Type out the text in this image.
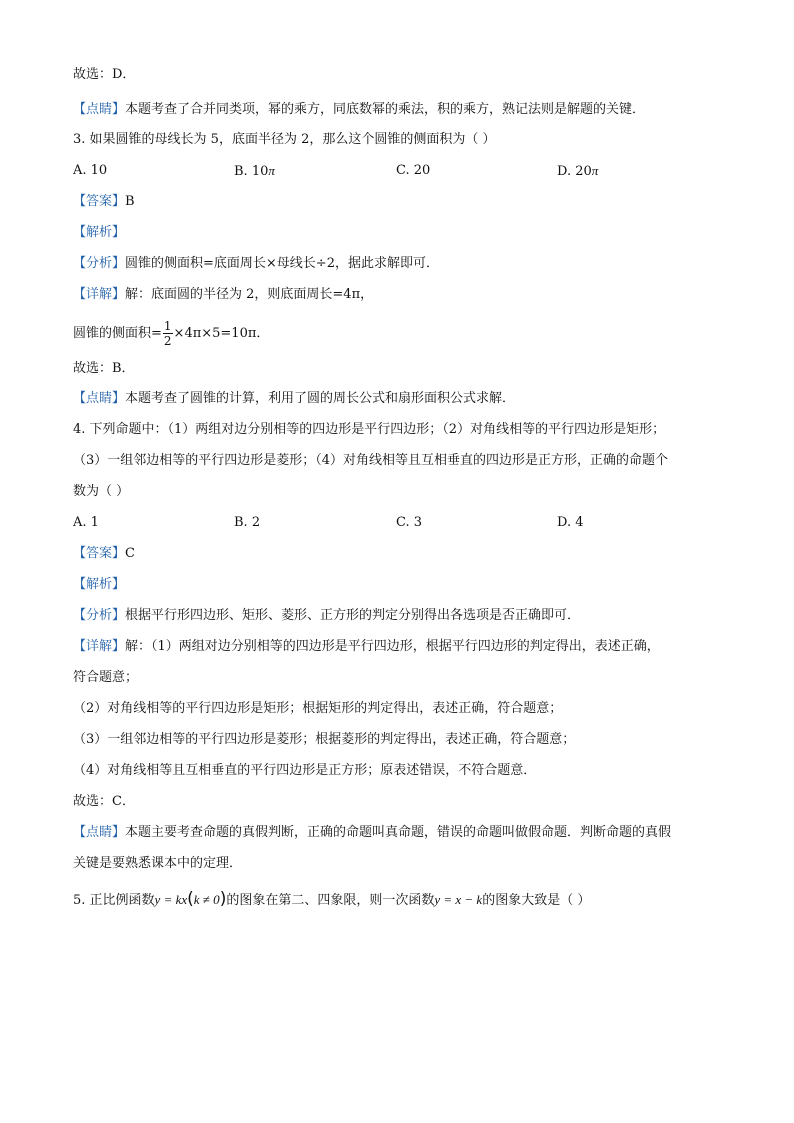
故选：D．
【点睛】本题考查了合并同类项，幂的乘方，同底数幂的乘法，积的乘方，熟记法则是解题的关键．
3. 如果圆锥的母线长为 5，底面半径为 2，那么这个圆锥的侧面积为（ ）
A. 10	B. 10π	C. 20	D. 20π
【答案】B
【解析】
【分析】圆锥的侧面积=底面周长×母线长÷2，据此求解即可．
【详解】解：底面圆的半径为 2，则底面周长=4π，
圆锥的侧面积= $\frac{1}{2} \times 4\pi\times 5=10\pi$．
故选：B．
【点睛】本题考查了圆锥的计算，利用了圆的周长公式和扇形面积公式求解．
4. 下列命题中：（1）两组对边分别相等的四边形是平行四边形；（2）对角线相等的平行四边形是矩形；
（3）一组邻边相等的平行四边形是菱形；（4）对角线相等且互相垂直的四边形是正方形，正确的命题个
数为（ ）
A. 1	B. 2	C. 3	D. 4
【答案】C
【解析】
【分析】根据平行形四边形、矩形、菱形、正方形的判定分别得出各选项是否正确即可．
【详解】解：（1）两组对边分别相等的四边形是平行四边形，根据平行四边形的判定得出，表述正确，
符合题意；
（2）对角线相等的平行四边形是矩形；根据矩形的判定得出，表述正确，符合题意；
（3）一组邻边相等的平行四边形是菱形；根据菱形的判定得出，表述正确，符合题意；
（4）对角线相等且互相垂直的平行四边形是正方形；原表述错误，不符合题意．
故选：C．
【点睛】本题主要考查命题的真假判断，正确的命题叫真命题，错误的命题叫做假命题．判断命题的真假
关键是要熟悉课本中的定理．
5. 正比例函数y = kx(k ≠ 0)的图象在第二、四象限，则一次函数y = x − k的图象大致是（ ）
